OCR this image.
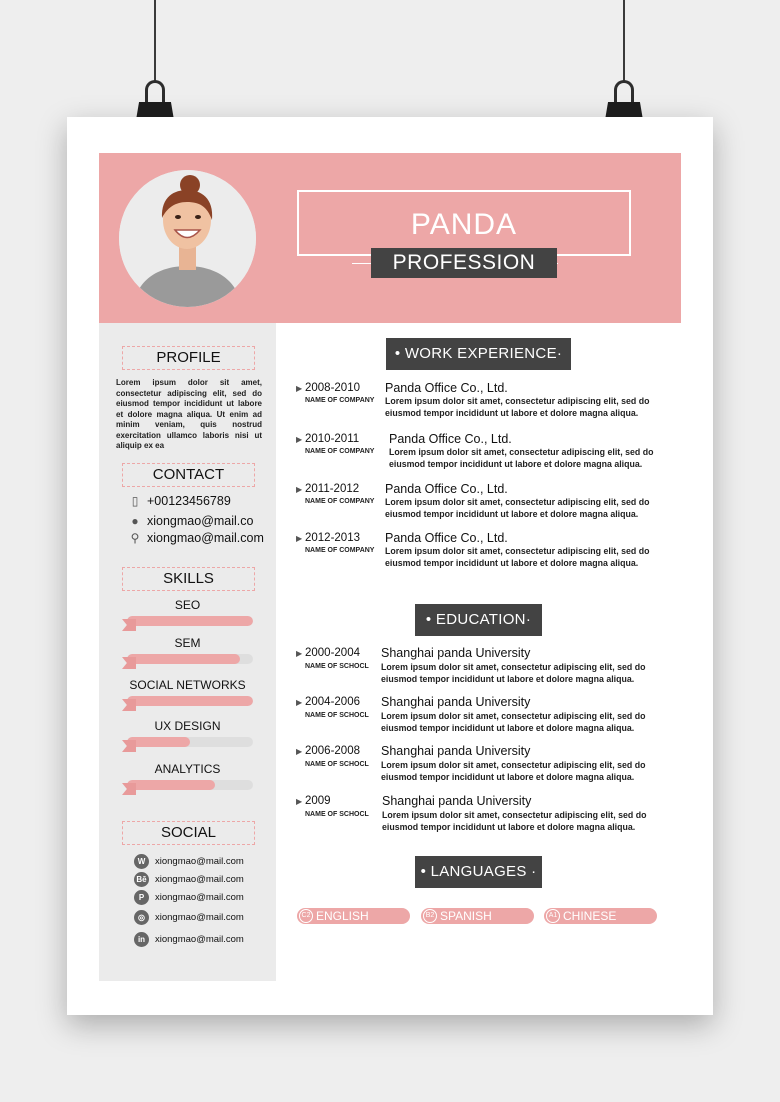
PANDA
PROFESSION
PROFILE
Lorem ipsum dolor sit amet, consectetur adipiscing elit, sed do eiusmod tempor incididunt ut labore et dolore magna aliqua. Ut enim ad minim veniam, quis nostrud exercitation ullamco laboris nisi ut aliquip ex ea
CONTACT
▯ +00123456789
● xiongmao@mail.co
⚲ xiongmao@mail.com
SKILLS
SEO
SEM
SOCIAL NETWORKS
UX DESIGN
ANALYTICS
SOCIAL
W xiongmao@mail.com
Bē xiongmao@mail.com
P xiongmao@mail.com
◎ xiongmao@mail.com
in xiongmao@mail.com
• WORK EXPERIENCE·
▶ 2008-2010
NAME OF COMPANY
Panda Office Co., Ltd.
Lorem ipsum dolor sit amet, consectetur adipiscing elit, sed do eiusmod tempor incididunt ut labore et dolore magna aliqua.
▶ 2010-2011
NAME OF COMPANY
Panda Office Co., Ltd.
Lorem ipsum dolor sit amet, consectetur adipiscing elit, sed do eiusmod tempor incididunt ut labore et dolore magna aliqua.
▶ 2011-2012
NAME OF COMPANY
Panda Office Co., Ltd.
Lorem ipsum dolor sit amet, consectetur adipiscing elit, sed do eiusmod tempor incididunt ut labore et dolore magna aliqua.
▶ 2012-2013
NAME OF COMPANY
Panda Office Co., Ltd.
Lorem ipsum dolor sit amet, consectetur adipiscing elit, sed do eiusmod tempor incididunt ut labore et dolore magna aliqua.
• EDUCATION·
▶ 2000-2004
NAME OF SCHOCL
Shanghai panda University
Lorem ipsum dolor sit amet, consectetur adipiscing elit, sed do eiusmod tempor incididunt ut labore et dolore magna aliqua.
▶ 2004-2006
NAME OF SCHOCL
Shanghai panda University
Lorem ipsum dolor sit amet, consectetur adipiscing elit, sed do eiusmod tempor incididunt ut labore et dolore magna aliqua.
▶ 2006-2008
NAME OF SCHOCL
Shanghai panda University
Lorem ipsum dolor sit amet, consectetur adipiscing elit, sed do eiusmod tempor incididunt ut labore et dolore magna aliqua.
▶ 2009
NAME OF SCHOCL
Shanghai panda University
Lorem ipsum dolor sit amet, consectetur adipiscing elit, sed do eiusmod tempor incididunt ut labore et dolore magna aliqua.
• LANGUAGES ·
C2 ENGLISH	B2 SPANISH	A1 CHINESE
